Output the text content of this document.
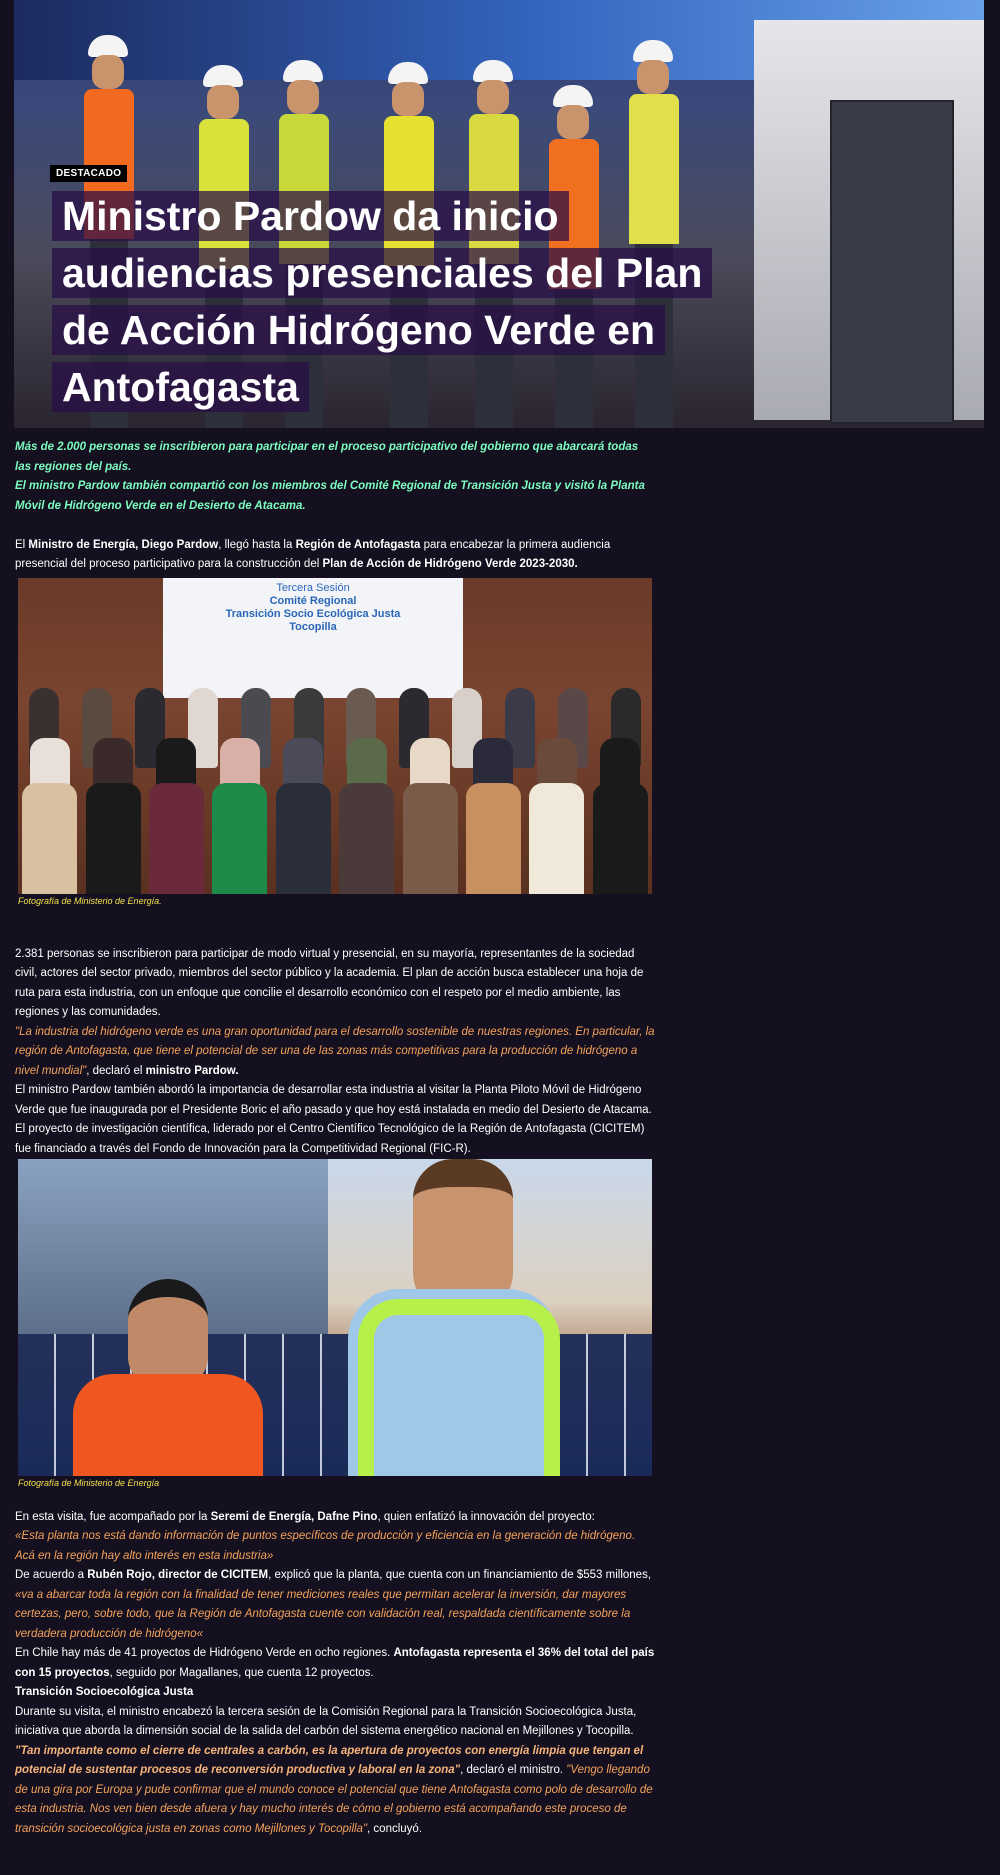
DESTACADO
Ministro Pardow da inicio
audiencias presenciales del Plan
de Acción Hidrógeno Verde en
Antofagasta

Más de 2.000 personas se inscribieron para participar en el proceso participativo del gobierno que abarcará todas las regiones del país.

El ministro Pardow también compartió con los miembros del Comité Regional de Transición Justa y visitó la Planta Móvil de Hidrógeno Verde en el Desierto de Atacama.

El Ministro de Energía, Diego Pardow, llegó hasta la Región de Antofagasta para encabezar la primera audiencia presencial del proceso participativo para la construcción del Plan de Acción de Hidrógeno Verde 2023-2030.

Tercera Sesión
Comité Regional
Transición Socio Ecológica Justa
Tocopilla
Fotografía de Ministerio de Energía.

2.381 personas se inscribieron para participar de modo virtual y presencial, en su mayoría, representantes de la sociedad civil, actores del sector privado, miembros del sector público y la academia. El plan de acción busca establecer una hoja de ruta para esta industria, con un enfoque que concilie el desarrollo económico con el respeto por el medio ambiente, las regiones y las comunidades.

"La industria del hidrógeno verde es una gran oportunidad para el desarrollo sostenible de nuestras regiones. En particular, la región de Antofagasta, que tiene el potencial de ser una de las zonas más competitivas para la producción de hidrógeno a nivel mundial", declaró el ministro Pardow.

El ministro Pardow también abordó la importancia de desarrollar esta industria al visitar la Planta Piloto Móvil de Hidrógeno Verde que fue inaugurada por el Presidente Boric el año pasado y que hoy está instalada en medio del Desierto de Atacama. El proyecto de investigación científica, liderado por el Centro Científico Tecnológico de la Región de Antofagasta (CICITEM) fue financiado a través del Fondo de Innovación para la Competitividad Regional (FIC-R).

Fotografía de Ministerio de Energía

En esta visita, fue acompañado por la Seremi de Energía, Dafne Pino, quien enfatizó la innovación del proyecto:
«Esta planta nos está dando información de puntos específicos de producción y eficiencia en la generación de hidrógeno. Acá en la región hay alto interés en esta industria»

De acuerdo a Rubén Rojo, director de CICITEM, explicó que la planta, que cuenta con un financiamiento de $553 millones, «va a abarcar toda la región con la finalidad de tener mediciones reales que permitan acelerar la inversión, dar mayores certezas, pero, sobre todo, que la Región de Antofagasta cuente con validación real, respaldada científicamente sobre la verdadera producción de hidrógeno«

En Chile hay más de 41 proyectos de Hidrógeno Verde en ocho regiones. Antofagasta representa el 36% del total del país con 15 proyectos, seguido por Magallanes, que cuenta 12 proyectos.

Transición Socioecológica Justa

Durante su visita, el ministro encabezó la tercera sesión de la Comisión Regional para la Transición Socioecológica Justa, iniciativa que aborda la dimensión social de la salida del carbón del sistema energético nacional en Mejillones y Tocopilla.

"Tan importante como el cierre de centrales a carbón, es la apertura de proyectos con energía limpia que tengan el potencial de sustentar procesos de reconversión productiva y laboral en la zona", declaró el ministro. "Vengo llegando de una gira por Europa y pude confirmar que el mundo conoce el potencial que tiene Antofagasta como polo de desarrollo de esta industria. Nos ven bien desde afuera y hay mucho interés de cómo el gobierno está acompañando este proceso de transición socioecológica justa en zonas como Mejillones y Tocopilla", concluyó.
